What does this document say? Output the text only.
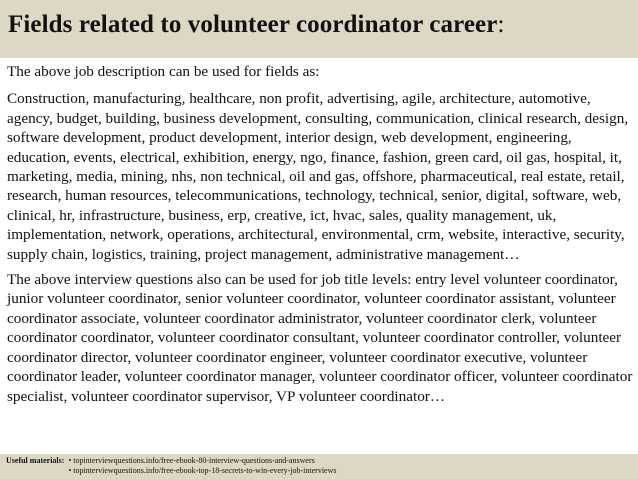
Fields related to volunteer coordinator career:

The above job description can be used for fields as:

Construction, manufacturing, healthcare, non profit, advertising, agile, architecture, automotive, agency, budget, building, business development, consulting, communication, clinical research, design, software development, product development, interior design, web development, engineering, education, events, electrical, exhibition, energy, ngo, finance, fashion, green card, oil gas, hospital, it, marketing, media, mining, nhs, non technical, oil and gas, offshore, pharmaceutical, real estate, retail, research, human resources, telecommunications, technology, technical, senior, digital, software, web, clinical, hr, infrastructure, business, erp, creative, ict, hvac, sales, quality management, uk, implementation, network, operations, architectural, environmental, crm, website, interactive, security, supply chain, logistics, training, project management, administrative management…

The above interview questions also can be used for job title levels: entry level volunteer coordinator, junior volunteer coordinator, senior volunteer coordinator, volunteer coordinator assistant, volunteer coordinator associate, volunteer coordinator administrator, volunteer coordinator clerk, volunteer coordinator coordinator, volunteer coordinator consultant, volunteer coordinator controller, volunteer coordinator director, volunteer coordinator engineer, volunteer coordinator executive, volunteer coordinator leader, volunteer coordinator manager, volunteer coordinator officer, volunteer coordinator specialist, volunteer coordinator supervisor, VP volunteer coordinator…

Useful materials: • topinterviewquestions.info/free-ebook-80-interview-questions-and-answers
• topinterviewquestions.info/free-ebook-top-18-secrets-to-win-every-job-interviews
